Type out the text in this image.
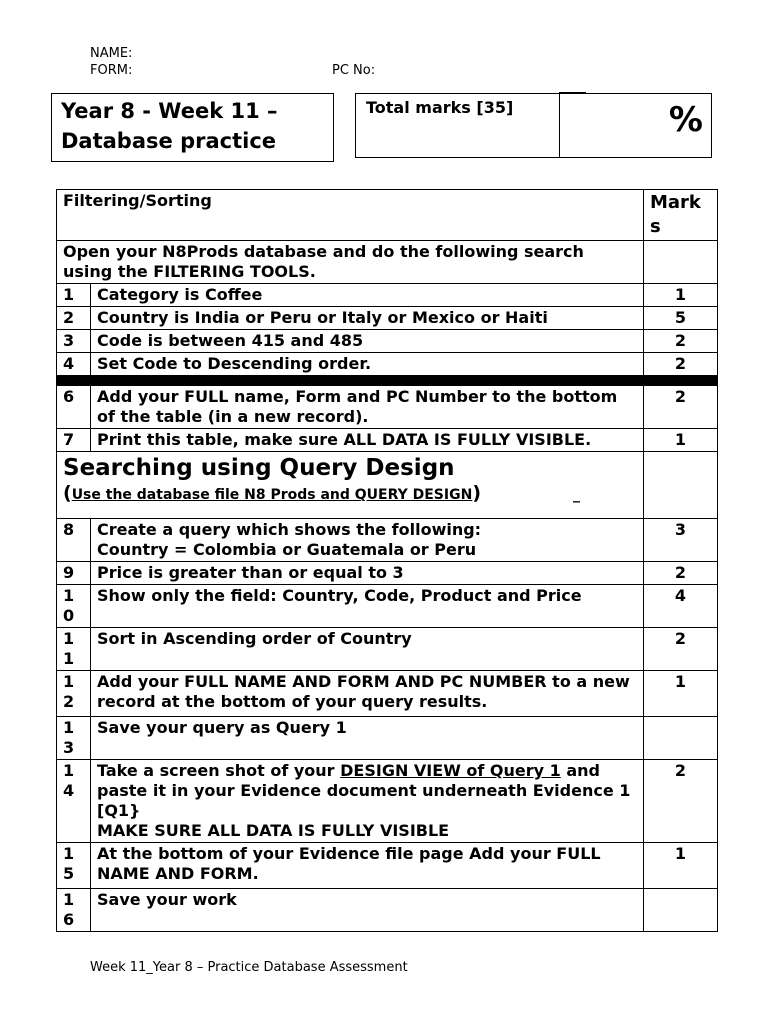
NAME:
FORM:	PC No:
Year 8 - Week 11 –
Database practice
Total marks [35]	%
Filtering/Sorting		Mark s
Open your N8Prods database and do the following search using the FILTERING TOOLS.		
1	Category is Coffee	1
2	Country is India or Peru or Italy or Mexico or Haiti	5
3	Code is between 415 and 485	2
4	Set Code to Descending order.	2

6	Add your FULL name, Form and PC Number to the bottom of the table (in a new record).	2
7	Print this table, make sure ALL DATA IS FULLY VISIBLE.	1

Searching using Query Design
(Use the database file N8 Prods and QUERY DESIGN) _		

8	Create a query which shows the following:
Country = Colombia or Guatemala or Peru	3
9	Price is greater than or equal to 3	2
10	Show only the field: Country, Code, Product and Price	4
11	Sort in Ascending order of Country	2
12	Add your FULL NAME AND FORM AND PC NUMBER to a new record at the bottom of your query results.	1
13	Save your query as Query 1	
14	Take a screen shot of your DESIGN VIEW of Query 1 and paste it in your Evidence document underneath Evidence 1 [Q1}
MAKE SURE ALL DATA IS FULLY VISIBLE	2
15	At the bottom of your Evidence file page Add your FULL NAME AND FORM.	1
16	Save your work	
Week 11_Year 8 – Practice Database Assessment
